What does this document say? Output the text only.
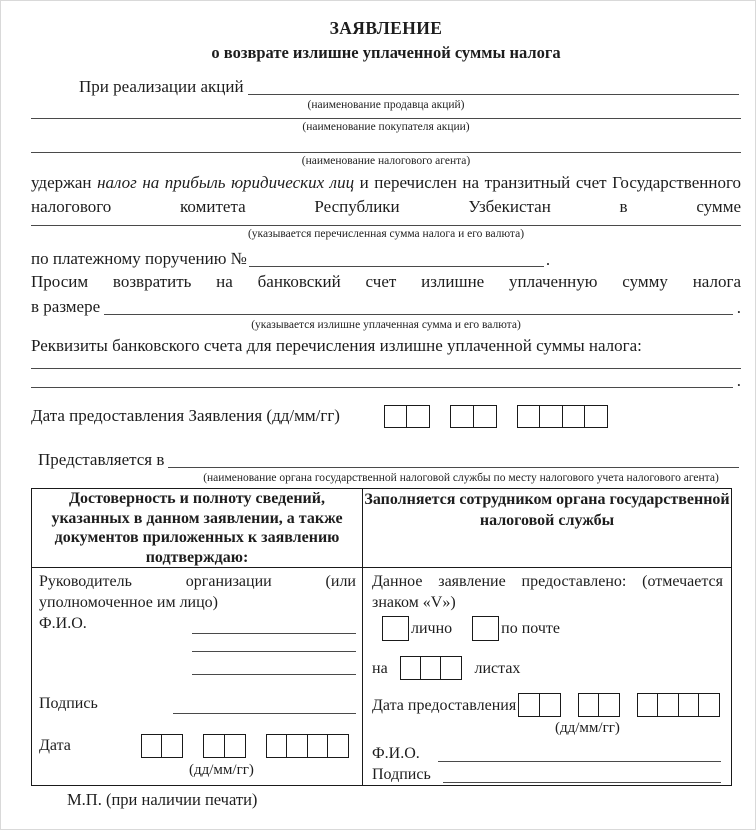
ЗАЯВЛЕНИЕ
о возврате излишне уплаченной суммы налога
При реализации акций
(наименование продавца акций)
(наименование покупателя акции)
(наименование налогового агента)

удержан налог на прибыль юридических лиц и перечислен на транзитный счет Государственного налогового комитета Республики Узбекистан в сумме

(указывается перечисленная сумма налога и его валюта)
по платежному поручению №	.
Просим возвратить на банковский счет излишне уплаченную сумму налога
в размере	.
(указывается излишне уплаченная сумма и его валюта)
Реквизиты банковского счета для перечисления излишне уплаченной суммы налога:
.
Дата предоставления Заявления (дд/мм/гг)
Представляется в
(наименование органа государственной налоговой службы по месту налогового учета налогового агента)
Достоверность и полноту сведений, указанных в данном заявлении, а также документов приложенных к заявлению подтверждаю:	Заполняется сотрудником органа государственной налоговой службы

Руководитель организации (или уполномоченное им лицо)
Ф.И.О.
Подпись
Дата
(дд/мм/гг)

Данное заявление предоставлено: (отмечается знаком «V»)
лично	по почте
на	листах
Дата предоставления
(дд/мм/гг)
Ф.И.О.
Подпись
М.П. (при наличии печати)
